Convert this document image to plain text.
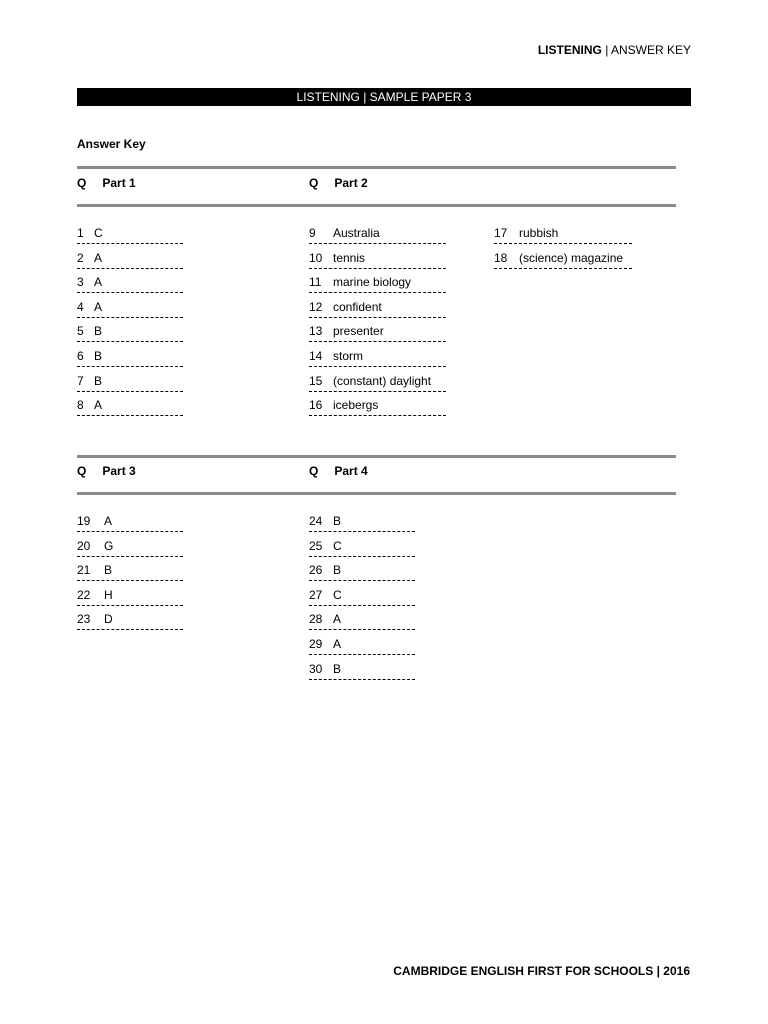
LISTENING | ANSWER KEY
LISTENING | SAMPLE PAPER 3
Answer Key
Q Part 1	Q Part 2
1 C
2 A
3 A
4 A
5 B
6 B
7 B
8 A
9 Australia
10 tennis
11 marine biology
12 confident
13 presenter
14 storm
15 (constant) daylight
16 icebergs
17 rubbish
18 (science) magazine
Q Part 3	Q Part 4
19 A
20 G
21 B
22 H
23 D
24 B
25 C
26 B
27 C
28 A
29 A
30 B
CAMBRIDGE ENGLISH FIRST FOR SCHOOLS | 2016
